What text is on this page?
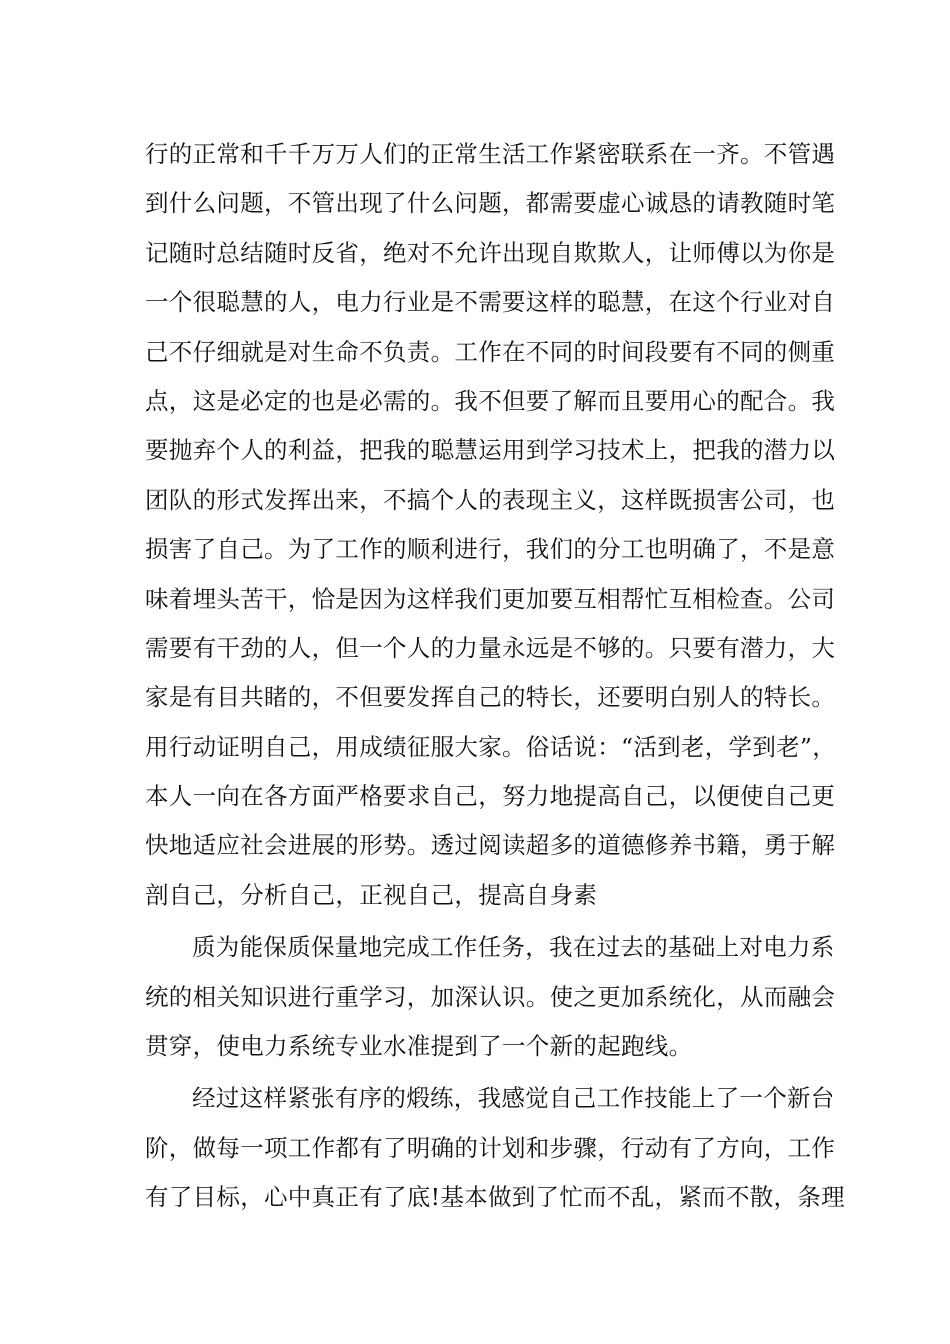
行的正常和千千万万人们的正常生活工作紧密联系在一齐。不管遇
到什么问题，不管出现了什么问题，都需要虚心诚恳的请教随时笔
记随时总结随时反省，绝对不允许出现自欺欺人，让师傅以为你是
一个很聪慧的人，电力行业是不需要这样的聪慧，在这个行业对自
己不仔细就是对生命不负责。工作在不同的时间段要有不同的侧重
点，这是必定的也是必需的。我不但要了解而且要用心的配合。我
要抛弃个人的利益，把我的聪慧运用到学习技术上，把我的潜力以
团队的形式发挥出来，不搞个人的表现主义，这样既损害公司，也
损害了自己。为了工作的顺利进行，我们的分工也明确了，不是意
味着埋头苦干，恰是因为这样我们更加要互相帮忙互相检查。公司
需要有干劲的人，但一个人的力量永远是不够的。只要有潜力，大
家是有目共睹的，不但要发挥自己的特长，还要明白别人的特长。
用行动证明自己，用成绩征服大家。俗话说：“活到老，学到老”，
本人一向在各方面严格要求自己，努力地提高自己，以便使自己更
快地适应社会进展的形势。透过阅读超多的道德修养书籍，勇于解
剖自己，分析自己，正视自己，提高自身素
质为能保质保量地完成工作任务，我在过去的基础上对电力系
统的相关知识进行重学习，加深认识。使之更加系统化，从而融会
贯穿，使电力系统专业水准提到了一个新的起跑线。
经过这样紧张有序的煅练，我感觉自己工作技能上了一个新台
阶，做每一项工作都有了明确的计划和步骤，行动有了方向，工作
有了目标，心中真正有了底!基本做到了忙而不乱，紧而不散，条理
